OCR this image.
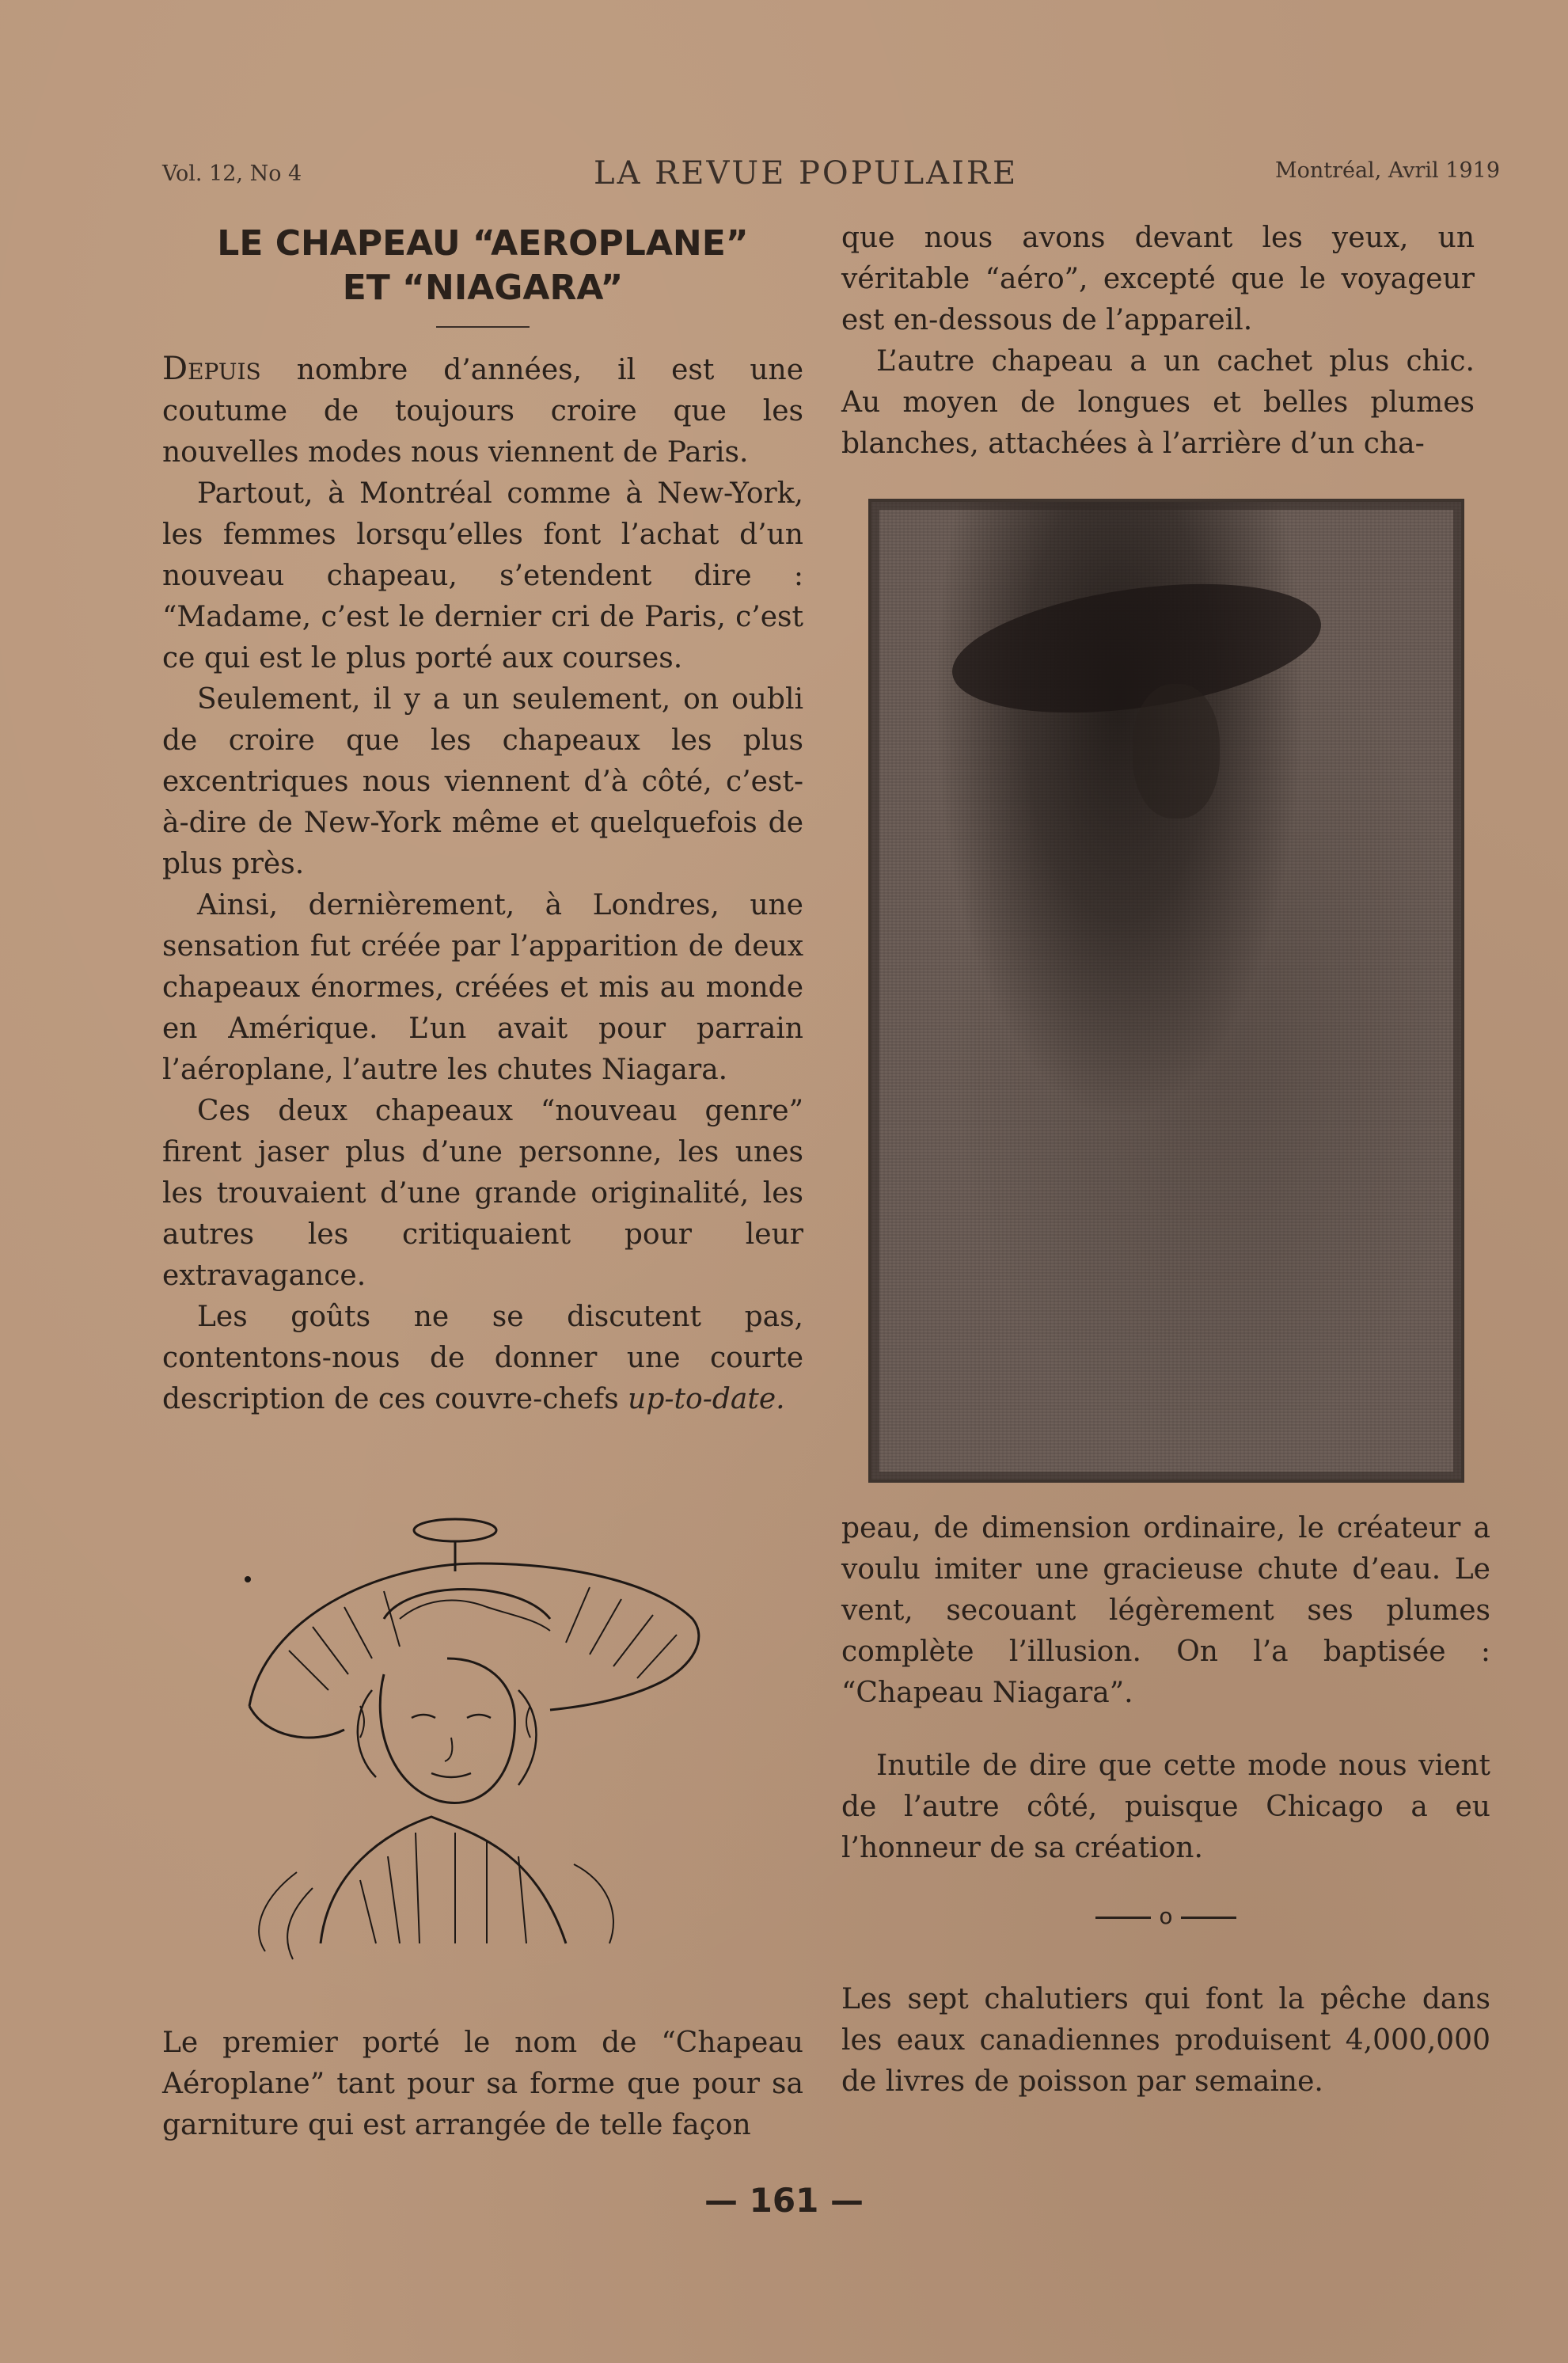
Vol. 12, No 4	LA REVUE POPULAIRE	Montréal, Avril 1919
LE CHAPEAU “AEROPLANE”
ET “NIAGARA”

Depuis nombre d’années, il est une coutume de toujours croire que les nouvelles modes nous viennent de Paris.

Partout, à Montréal comme à New-York, les femmes lorsqu’elles font l’achat d’un nouveau chapeau, s’etendent dire : “Madame, c’est le dernier cri de Paris, c’est ce qui est le plus porté aux courses.

Seulement, il y a un seulement, on oubli de croire que les chapeaux les plus excentriques nous viennent d’à côté, c’est-à-dire de New-York même et quelquefois de plus près.

Ainsi, dernièrement, à Londres, une sensation fut créée par l’apparition de deux chapeaux énormes, créées et mis au monde en Amérique. L’un avait pour parrain l’aéroplane, l’autre les chutes Niagara.

Ces deux chapeaux “nouveau genre” firent jaser plus d’une personne, les unes les trouvaient d’une grande originalité, les autres les critiquaient pour leur extravagance.

Les goûts ne se discutent pas, contentons-nous de donner une courte description de ces couvre-chefs up-to-date.

que nous avons devant les yeux, un véritable “aéro”, excepté que le voyageur est en-dessous de l’appareil.

L’autre chapeau a un cachet plus chic. Au moyen de longues et belles plumes blanches, attachées à l’arrière d’un cha-

peau, de dimension ordinaire, le créateur a voulu imiter une gracieuse chute d’eau. Le vent, secouant légèrement ses plumes complète l’illusion. On l’a baptisée : “Chapeau Niagara”.

Inutile de dire que cette mode nous vient de l’autre côté, puisque Chicago a eu l’honneur de sa création.

o

Le premier porté le nom de “Chapeau Aéroplane” tant pour sa forme que pour sa garniture qui est arrangée de telle façon

Les sept chalutiers qui font la pêche dans les eaux canadiennes produisent 4,000,000 de livres de poisson par semaine.

— 161 —
